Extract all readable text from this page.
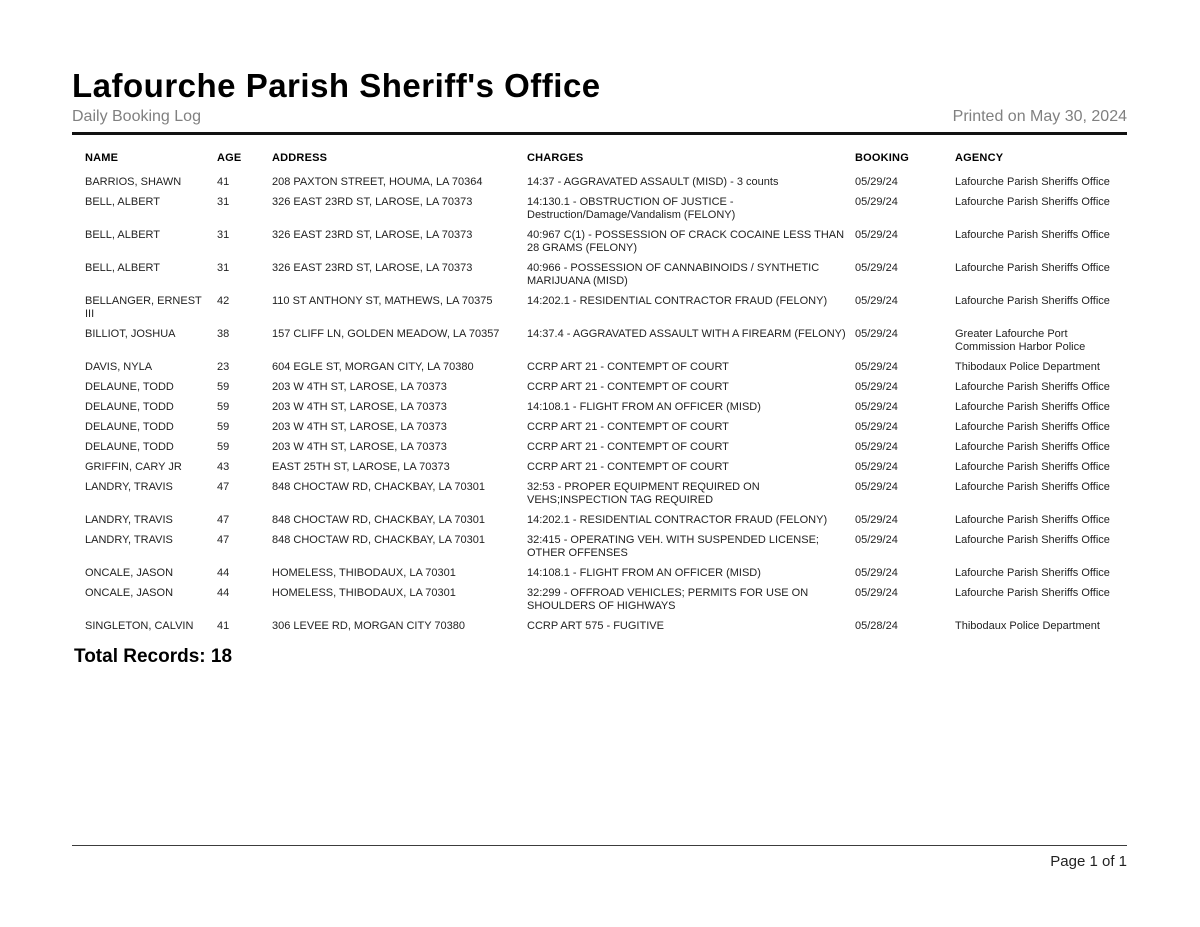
Lafourche Parish Sheriff's Office
Daily Booking Log	Printed on May 30, 2024
NAME	AGE	ADDRESS	CHARGES	BOOKING	AGENCY
BARRIOS, SHAWN	41	208 PAXTON STREET, HOUMA, LA 70364	14:37 - AGGRAVATED ASSAULT (MISD) - 3 counts	05/29/24	Lafourche Parish Sheriffs Office
BELL, ALBERT	31	326 EAST 23RD ST, LAROSE, LA 70373	14:130.1 - OBSTRUCTION OF JUSTICE - Destruction/Damage/Vandalism (FELONY)	05/29/24	Lafourche Parish Sheriffs Office
BELL, ALBERT	31	326 EAST 23RD ST, LAROSE, LA 70373	40:967 C(1) - POSSESSION OF CRACK COCAINE LESS THAN 28 GRAMS (FELONY)	05/29/24	Lafourche Parish Sheriffs Office
BELL, ALBERT	31	326 EAST 23RD ST, LAROSE, LA 70373	40:966 - POSSESSION OF CANNABINOIDS / SYNTHETIC MARIJUANA (MISD)	05/29/24	Lafourche Parish Sheriffs Office
BELLANGER, ERNEST III	42	110 ST ANTHONY ST, MATHEWS, LA 70375	14:202.1 - RESIDENTIAL CONTRACTOR FRAUD (FELONY)	05/29/24	Lafourche Parish Sheriffs Office
BILLIOT, JOSHUA	38	157 CLIFF LN, GOLDEN MEADOW, LA 70357	14:37.4 - AGGRAVATED ASSAULT WITH A FIREARM (FELONY)	05/29/24	Greater Lafourche Port Commission Harbor Police
DAVIS, NYLA	23	604 EGLE ST, MORGAN CITY, LA 70380	CCRP ART 21 - CONTEMPT OF COURT	05/29/24	Thibodaux Police Department
DELAUNE, TODD	59	203 W 4TH ST, LAROSE, LA 70373	CCRP ART 21 - CONTEMPT OF COURT	05/29/24	Lafourche Parish Sheriffs Office
DELAUNE, TODD	59	203 W 4TH ST, LAROSE, LA 70373	14:108.1 - FLIGHT FROM AN OFFICER (MISD)	05/29/24	Lafourche Parish Sheriffs Office
DELAUNE, TODD	59	203 W 4TH ST, LAROSE, LA 70373	CCRP ART 21 - CONTEMPT OF COURT	05/29/24	Lafourche Parish Sheriffs Office
DELAUNE, TODD	59	203 W 4TH ST, LAROSE, LA 70373	CCRP ART 21 - CONTEMPT OF COURT	05/29/24	Lafourche Parish Sheriffs Office
GRIFFIN, CARY JR	43	EAST 25TH ST, LAROSE, LA 70373	CCRP ART 21 - CONTEMPT OF COURT	05/29/24	Lafourche Parish Sheriffs Office
LANDRY, TRAVIS	47	848 CHOCTAW RD, CHACKBAY, LA 70301	32:53 - PROPER EQUIPMENT REQUIRED ON VEHS;INSPECTION TAG REQUIRED	05/29/24	Lafourche Parish Sheriffs Office
LANDRY, TRAVIS	47	848 CHOCTAW RD, CHACKBAY, LA 70301	14:202.1 - RESIDENTIAL CONTRACTOR FRAUD (FELONY)	05/29/24	Lafourche Parish Sheriffs Office
LANDRY, TRAVIS	47	848 CHOCTAW RD, CHACKBAY, LA 70301	32:415 - OPERATING VEH. WITH SUSPENDED LICENSE; OTHER OFFENSES	05/29/24	Lafourche Parish Sheriffs Office
ONCALE, JASON	44	HOMELESS, THIBODAUX, LA 70301	14:108.1 - FLIGHT FROM AN OFFICER (MISD)	05/29/24	Lafourche Parish Sheriffs Office
ONCALE, JASON	44	HOMELESS, THIBODAUX, LA 70301	32:299 - OFFROAD VEHICLES; PERMITS FOR USE ON SHOULDERS OF HIGHWAYS	05/29/24	Lafourche Parish Sheriffs Office
SINGLETON, CALVIN	41	306 LEVEE RD, MORGAN CITY 70380	CCRP ART 575 - FUGITIVE	05/28/24	Thibodaux Police Department
Total Records: 18
Page 1 of 1
